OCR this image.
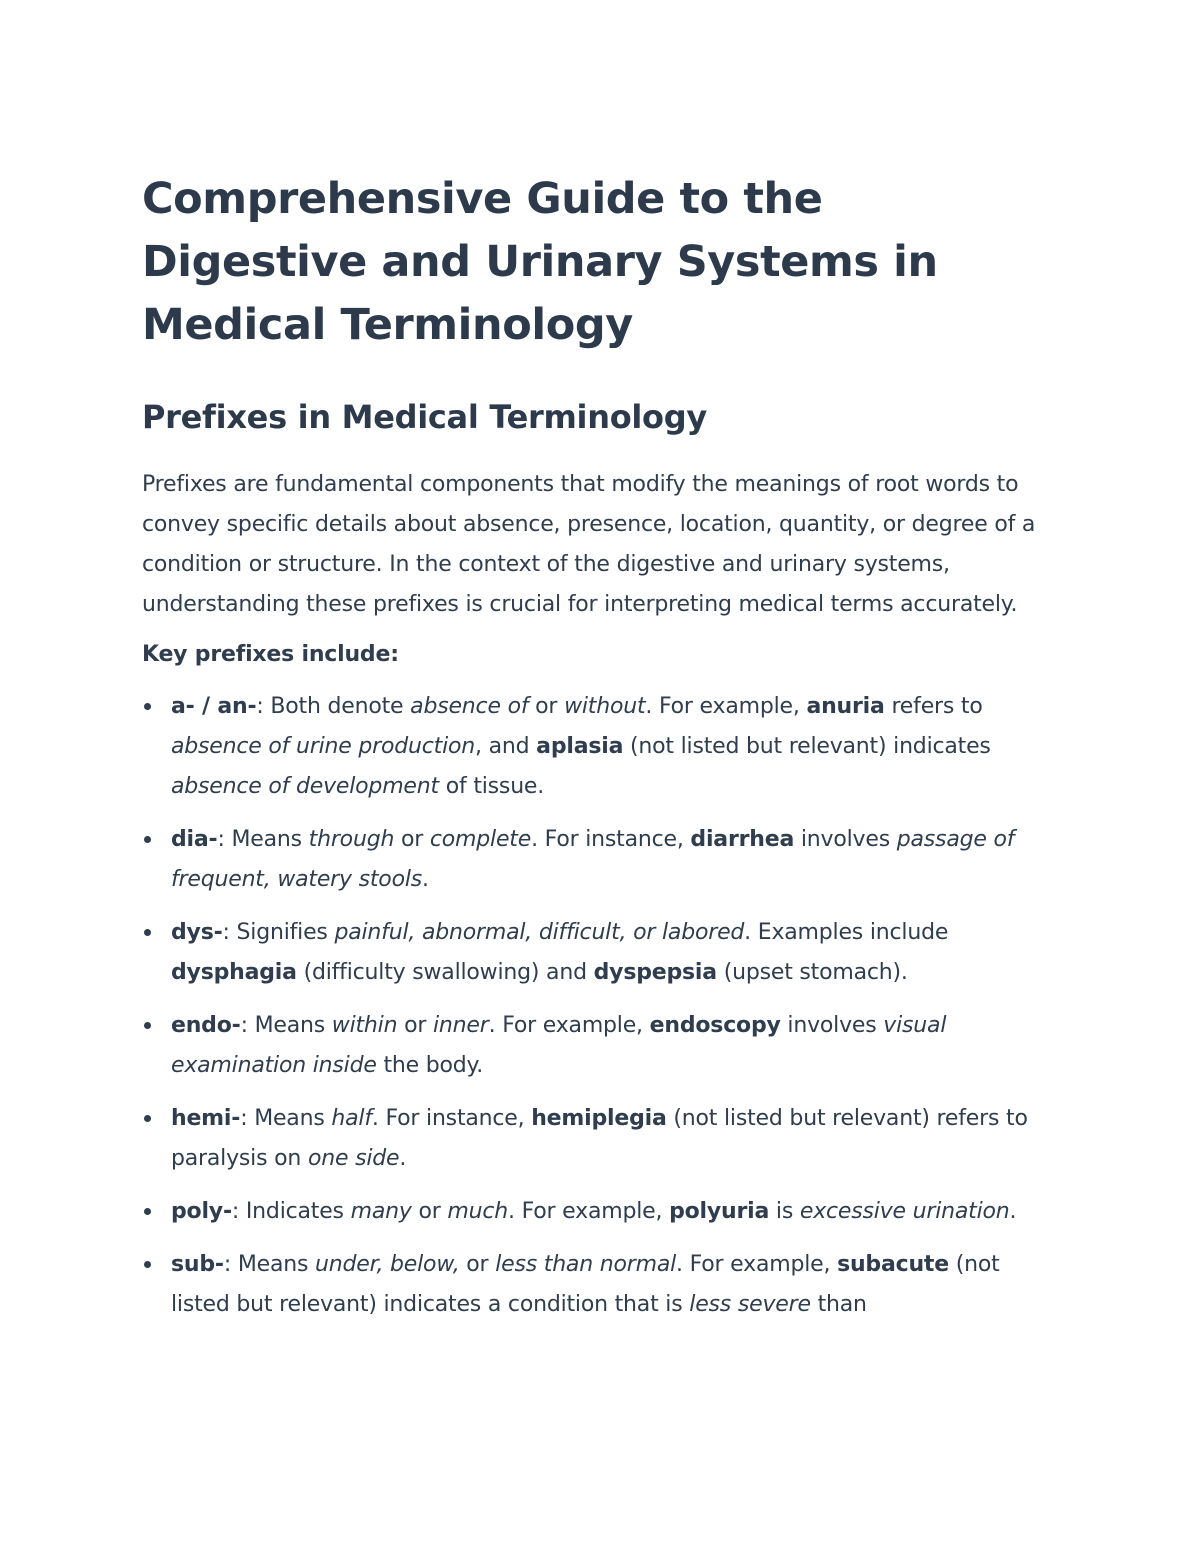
Comprehensive Guide to the Digestive and Urinary Systems in Medical Terminology
Prefixes in Medical Terminology

Prefixes are fundamental components that modify the meanings of root words to convey specific details about absence, presence, location, quantity, or degree of a condition or structure. In the context of the digestive and urinary systems, understanding these prefixes is crucial for interpreting medical terms accurately.

Key prefixes include:

a- / an-: Both denote absence of or without. For example, anuria refers to absence of urine production, and aplasia (not listed but relevant) indicates absence of development of tissue.
dia-: Means through or complete. For instance, diarrhea involves passage of frequent, watery stools.
dys-: Signifies painful, abnormal, difficult, or labored. Examples include dysphagia (difficulty swallowing) and dyspepsia (upset stomach).
endo-: Means within or inner. For example, endoscopy involves visual examination inside the body.
hemi-: Means half. For instance, hemiplegia (not listed but relevant) refers to paralysis on one side.
poly-: Indicates many or much. For example, polyuria is excessive urination.
sub-: Means under, below, or less than normal. For example, subacute (not listed but relevant) indicates a condition that is less severe than
